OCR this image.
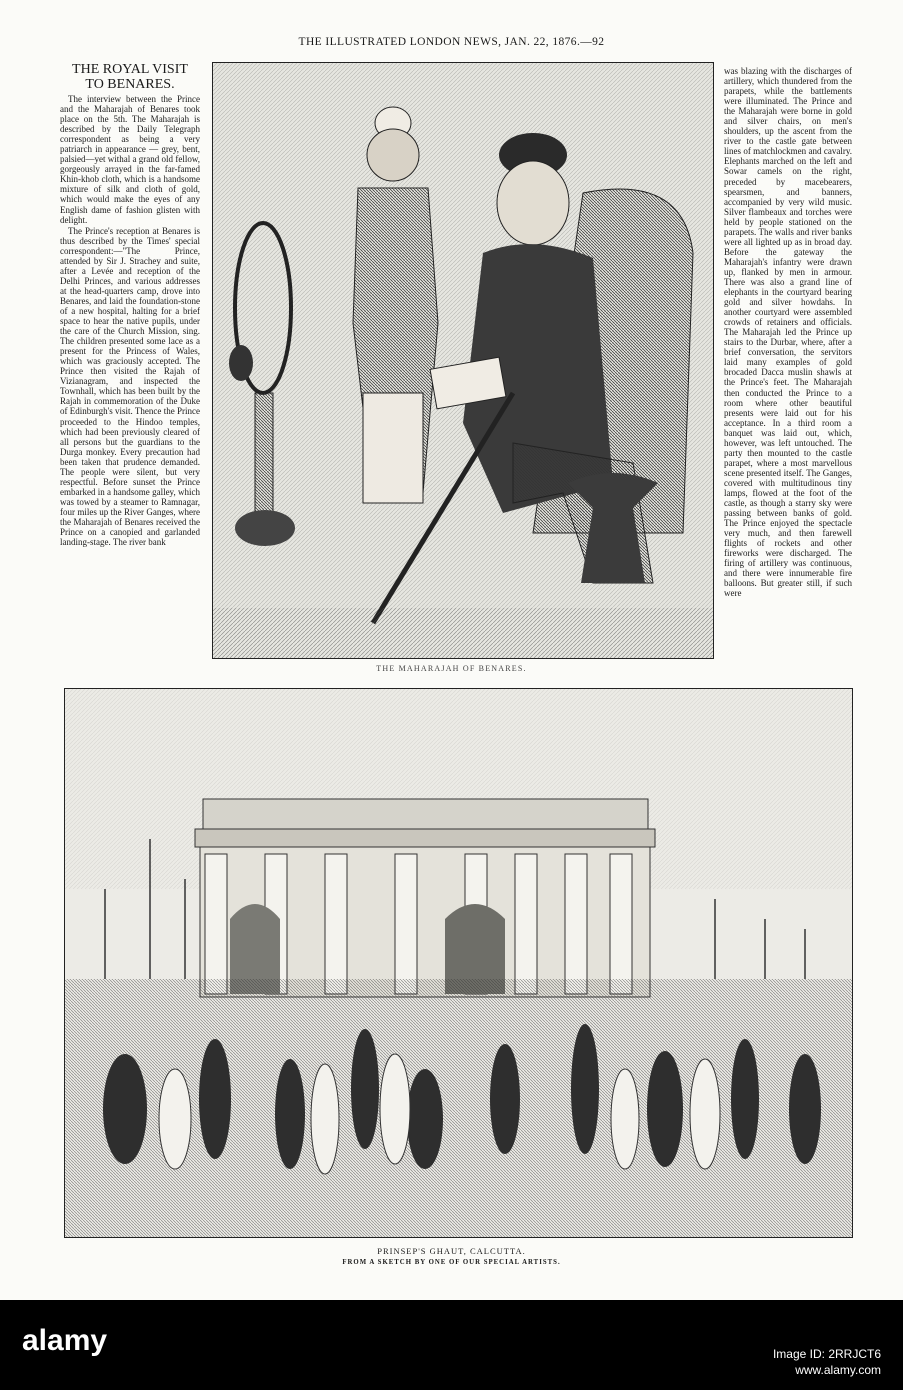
THE ILLUSTRATED LONDON NEWS, JAN. 22, 1876.—92
THE ROYAL VISIT
TO BENARES.

The interview between the Prince and the Maharajah of Benares took place on the 5th. The Maharajah is described by the Daily Telegraph correspondent as being a very patriarch in appearance — grey, bent, palsied—yet withal a grand old fellow, gorgeously arrayed in the far-famed Khin-khob cloth, which is a handsome mixture of silk and cloth of gold, which would make the eyes of any English dame of fashion glisten with delight.

The Prince's reception at Benares is thus described by the Times' special correspondent:—"The Prince, attended by Sir J. Strachey and suite, after a Levée and reception of the Delhi Princes, and various addresses at the head-quarters camp, drove into Benares, and laid the foundation-stone of a new hospital, halting for a brief space to hear the native pupils, under the care of the Church Mission, sing. The children presented some lace as a present for the Princess of Wales, which was graciously accepted. The Prince then visited the Rajah of Vizianagram, and inspected the Townhall, which has been built by the Rajah in commemoration of the Duke of Edinburgh's visit. Thence the Prince proceeded to the Hindoo temples, which had been previously cleared of all persons but the guardians to the Durga monkey. Every precaution had been taken that prudence demanded. The people were silent, but very respectful. Before sunset the Prince embarked in a handsome galley, which was towed by a steamer to Ramnagar, four miles up the River Ganges, where the Maharajah of Benares received the Prince on a canopied and garlanded landing-stage. The river bank

was blazing with the discharges of artillery, which thundered from the parapets, while the battlements were illuminated. The Prince and the Maharajah were borne in gold and silver chairs, on men's shoulders, up the ascent from the river to the castle gate between lines of matchlockmen and cavalry. Elephants marched on the left and Sowar camels on the right, preceded by macebearers, spearsmen, and banners, accompanied by very wild music. Silver flambeaux and torches were held by people stationed on the parapets. The walls and river banks were all lighted up as in broad day. Before the gateway the Maharajah's infantry were drawn up, flanked by men in armour. There was also a grand line of elephants in the courtyard bearing gold and silver howdahs. In another courtyard were assembled crowds of retainers and officials. The Maharajah led the Prince up stairs to the Durbar, where, after a brief conversation, the servitors laid many examples of gold brocaded Dacca muslin shawls at the Prince's feet. The Maharajah then conducted the Prince to a room where other beautiful presents were laid out for his acceptance. In a third room a banquet was laid out, which, however, was left untouched. The party then mounted to the castle parapet, where a most marvellous scene presented itself. The Ganges, covered with multitudinous tiny lamps, flowed at the foot of the castle, as though a starry sky were passing between banks of gold. The Prince enjoyed the spectacle very much, and then farewell flights of rockets and other fireworks were discharged. The firing of artillery was continuous, and there were innumerable fire balloons. But greater still, if such were

THE MAHARAJAH OF BENARES.
PRINSEP'S GHAUT, CALCUTTA.
FROM A SKETCH BY ONE OF OUR SPECIAL ARTISTS.
alamy	Image ID: 2RRJCT6
www.alamy.com
